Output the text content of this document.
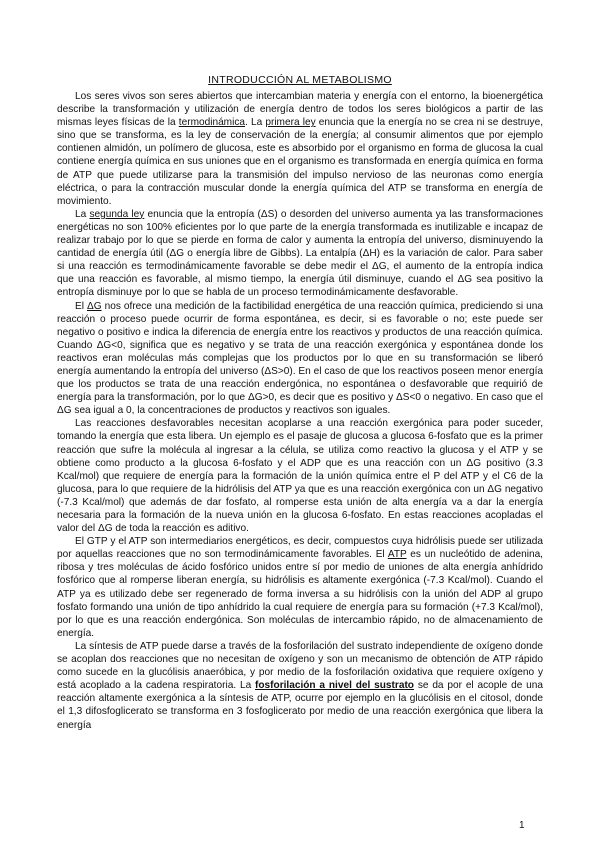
INTRODUCCIÓN AL METABOLISMO

Los seres vivos son seres abiertos que intercambian materia y energía con el entorno, la bioenergética describe la transformación y utilización de energía dentro de todos los seres biológicos a partir de las mismas leyes físicas de la termodinámica. La primera ley enuncia que la energía no se crea ni se destruye, sino que se transforma, es la ley de conservación de la energía; al consumir alimentos que por ejemplo contienen almidón, un polímero de glucosa, este es absorbido por el organismo en forma de glucosa la cual contiene energía química en sus uniones que en el organismo es transformada en energía química en forma de ATP que puede utilizarse para la transmisión del impulso nervioso de las neuronas como energía eléctrica, o para la contracción muscular donde la energía química del ATP se transforma en energía de movimiento.

La segunda ley enuncia que la entropía (ΔS) o desorden del universo aumenta ya las transformaciones energéticas no son 100% eficientes por lo que parte de la energía transformada es inutilizable e incapaz de realizar trabajo por lo que se pierde en forma de calor y aumenta la entropía del universo, disminuyendo la cantidad de energía útil (ΔG o energía libre de Gibbs). La entalpía (ΔH) es la variación de calor. Para saber si una reacción es termodinámicamente favorable se debe medir el ΔG, el aumento de la entropía indica que una reacción es favorable, al mismo tiempo, la energía útil disminuye, cuando el ΔG sea positivo la entropía disminuye por lo que se habla de un proceso termodinámicamente desfavorable.

El ΔG nos ofrece una medición de la factibilidad energética de una reacción química, prediciendo si una reacción o proceso puede ocurrir de forma espontánea, es decir, si es favorable o no; este puede ser negativo o positivo e indica la diferencia de energía entre los reactivos y productos de una reacción química. Cuando ΔG<0, significa que es negativo y se trata de una reacción exergónica y espontánea donde los reactivos eran moléculas más complejas que los productos por lo que en su transformación se liberó energía aumentando la entropía del universo (ΔS>0). En el caso de que los reactivos poseen menor energía que los productos se trata de una reacción endergónica, no espontánea o desfavorable que requirió de energía para la transformación, por lo que ΔG>0, es decir que es positivo y ΔS<0 o negativo. En caso que el ΔG sea igual a 0, la concentraciones de productos y reactivos son iguales.

Las reacciones desfavorables necesitan acoplarse a una reacción exergónica para poder suceder, tomando la energía que esta libera. Un ejemplo es el pasaje de glucosa a glucosa 6-fosfato que es la primer reacción que sufre la molécula al ingresar a la célula, se utiliza como reactivo la glucosa y el ATP y se obtiene como producto a la glucosa 6-fosfato y el ADP que es una reacción con un ΔG positivo (3.3 Kcal/mol) que requiere de energía para la formación de la unión química entre el P del ATP y el C6 de la glucosa, para lo que requiere de la hidrólisis del ATP ya que es una reacción exergónica con un ΔG negativo (-7.3 Kcal/mol) que además de dar fosfato, al romperse esta unión de alta energía va a dar la energía necesaria para la formación de la nueva unión en la glucosa 6-fosfato. En estas reacciones acopladas el valor del ΔG de toda la reacción es aditivo.

El GTP y el ATP son intermediarios energéticos, es decir, compuestos cuya hidrólisis puede ser utilizada por aquellas reacciones que no son termodinámicamente favorables. El ATP es un nucleótido de adenina, ribosa y tres moléculas de ácido fosfórico unidos entre sí por medio de uniones de alta energía anhídrido fosfórico que al romperse liberan energía, su hidrólisis es altamente exergónica (-7.3 Kcal/mol). Cuando el ATP ya es utilizado debe ser regenerado de forma inversa a su hidrólisis con la unión del ADP al grupo fosfato formando una unión de tipo anhídrido la cual requiere de energía para su formación (+7.3 Kcal/mol), por lo que es una reacción endergónica. Son moléculas de intercambio rápido, no de almacenamiento de energía.

La síntesis de ATP puede darse a través de la fosforilación del sustrato independiente de oxígeno donde se acoplan dos reacciones que no necesitan de oxígeno y son un mecanismo de obtención de ATP rápido como sucede en la glucólisis anaeróbica, y por medio de la fosforilación oxidativa que requiere oxígeno y está acoplado a la cadena respiratoria. La fosforilación a nivel del sustrato se da por el acople de una reacción altamente exergónica a la síntesis de ATP, ocurre por ejemplo en la glucólisis en el citosol, donde el 1,3 difosfoglicerato se transforma en 3 fosfoglicerato por medio de una reacción exergónica que libera la energía

1
